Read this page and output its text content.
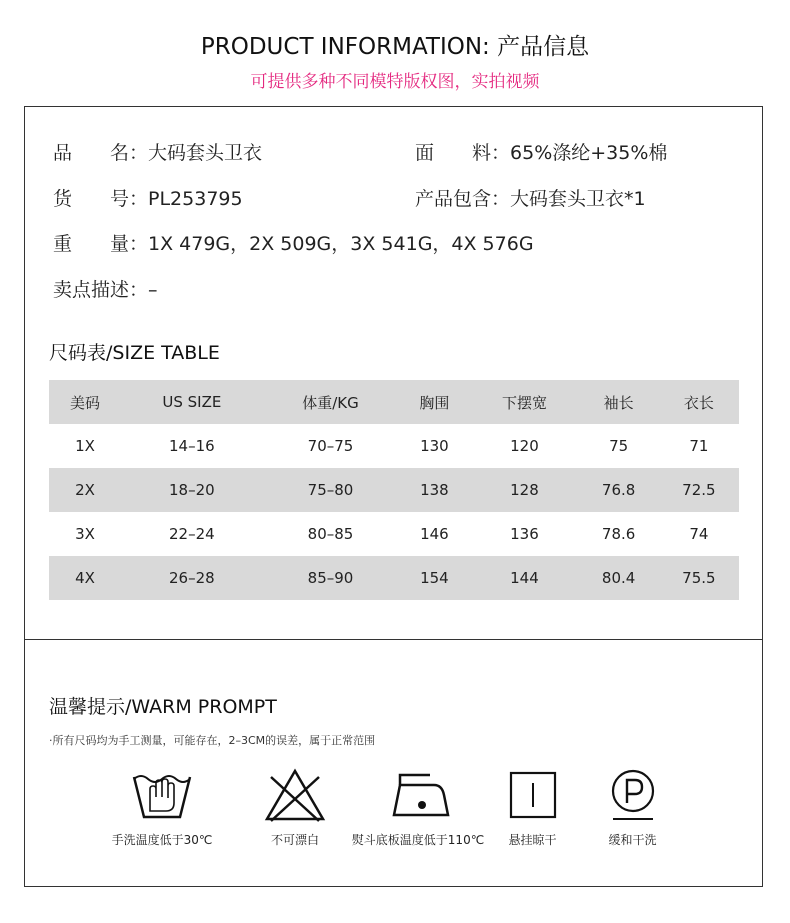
PRODUCT INFORMATION: 产品信息
可提供多种不同模特版权图，实拍视频
品　　名：大码套头卫衣	面　　料：65%涤纶+35%棉
货　　号：PL253795	产品包含：大码套头卫衣*1
重　　量：1X 479G，2X 509G，3X 541G，4X 576G
卖点描述：–
尺码表/SIZE TABLE
美码	US SIZE	体重/KG	胸围	下摆宽	袖长	衣长
1X	14–16	70–75	130	120	75	71
2X	18–20	75–80	138	128	76.8	72.5
3X	22–24	80–85	146	136	78.6	74
4X	26–28	85–90	154	144	80.4	75.5
温馨提示/WARM PROMPT
·所有尺码均为手工测量，可能存在，2–3CM的误差，属于正常范围
手洗温度低于30℃	不可漂白	熨斗底板温度低于110℃	悬挂晾干	缓和干洗
